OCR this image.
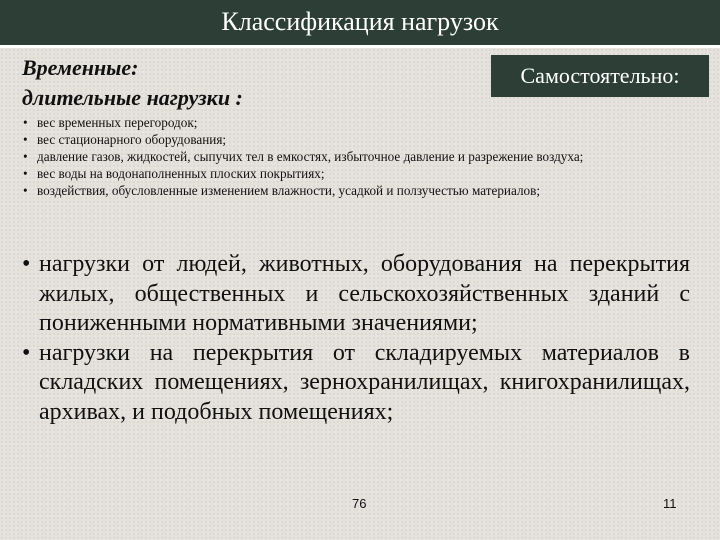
Классификация нагрузок
Временные:
длительные нагрузки :
Самостоятельно:
• вес временных перегородок;
• вес стационарного оборудования;
• давление газов, жидкостей, сыпучих тел в емкостях, избыточное давление и разрежение воздуха;
• вес воды на водонаполненных плоских покрытиях;
• воздействия, обусловленные изменением влажности, усадкой и ползучестью материалов;
• нагрузки от людей, животных, оборудования на перекрытия жилых, общественных и сельскохозяйственных зданий с пониженными нормативными значениями;
• нагрузки на перекрытия от складируемых материалов в складских помещениях, зернохранилищах, книгохранилищах, архивах, и подобных помещениях;
76	11
